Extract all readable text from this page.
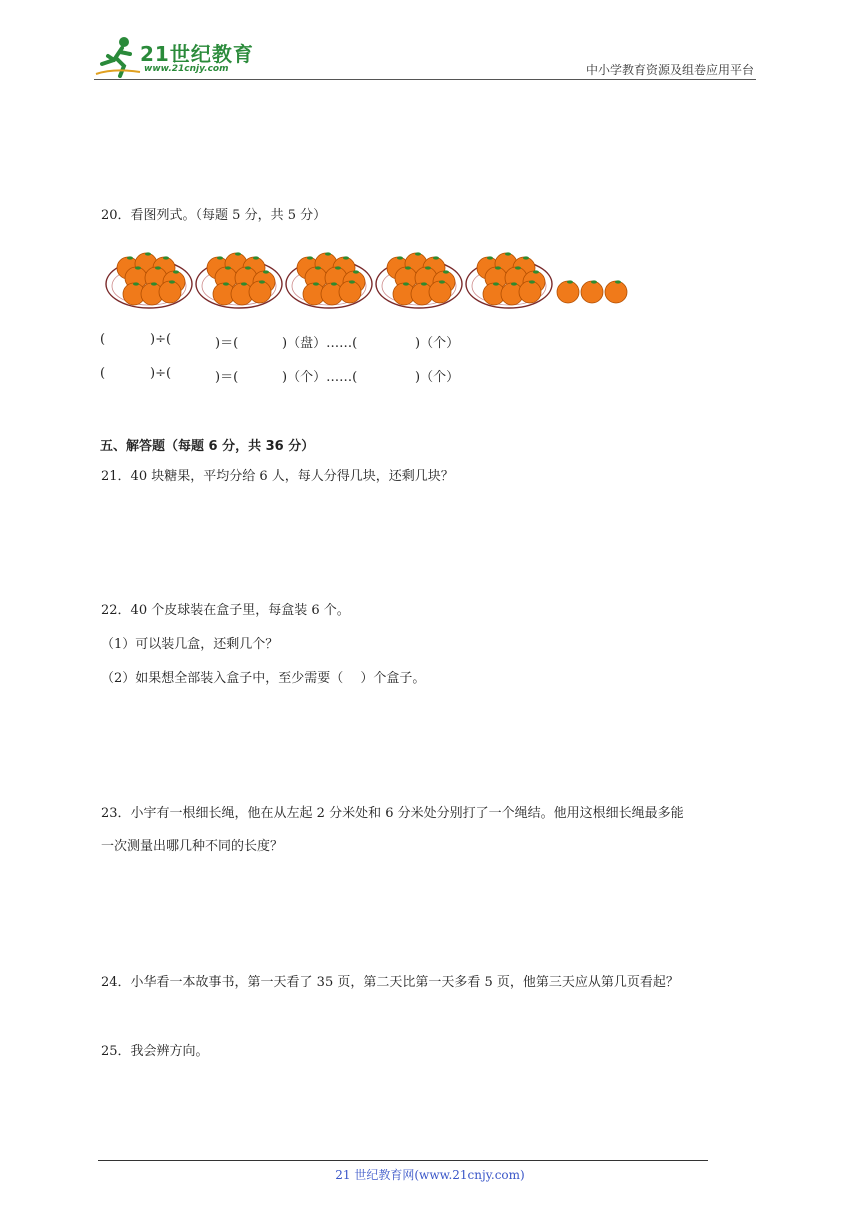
21世纪教育
www.21cnjy.com	中小学教育资源及组卷应用平台
20．看图列式。（每题 5 分，共 5 分）
(	)÷(	)＝(	)（盘）……(	)（个）
(	)÷(	)＝(	)（个）……(	)（个）
五、解答题（每题 6 分，共 36 分）
21．40 块糖果，平均分给 6 人，每人分得几块，还剩几块？
22．40 个皮球装在盒子里，每盒装 6 个。
（1）可以装几盒，还剩几个？
（2）如果想全部装入盒子中，至少需要（　 ）个盒子。
23．小宇有一根细长绳，他在从左起 2 分米处和 6 分米处分别打了一个绳结。他用这根细长绳最多能
一次测量出哪几种不同的长度？
24．小华看一本故事书，第一天看了 35 页，第二天比第一天多看 5 页，他第三天应从第几页看起？
25．我会辨方向。
21 世纪教育网(www.21cnjy.com)
